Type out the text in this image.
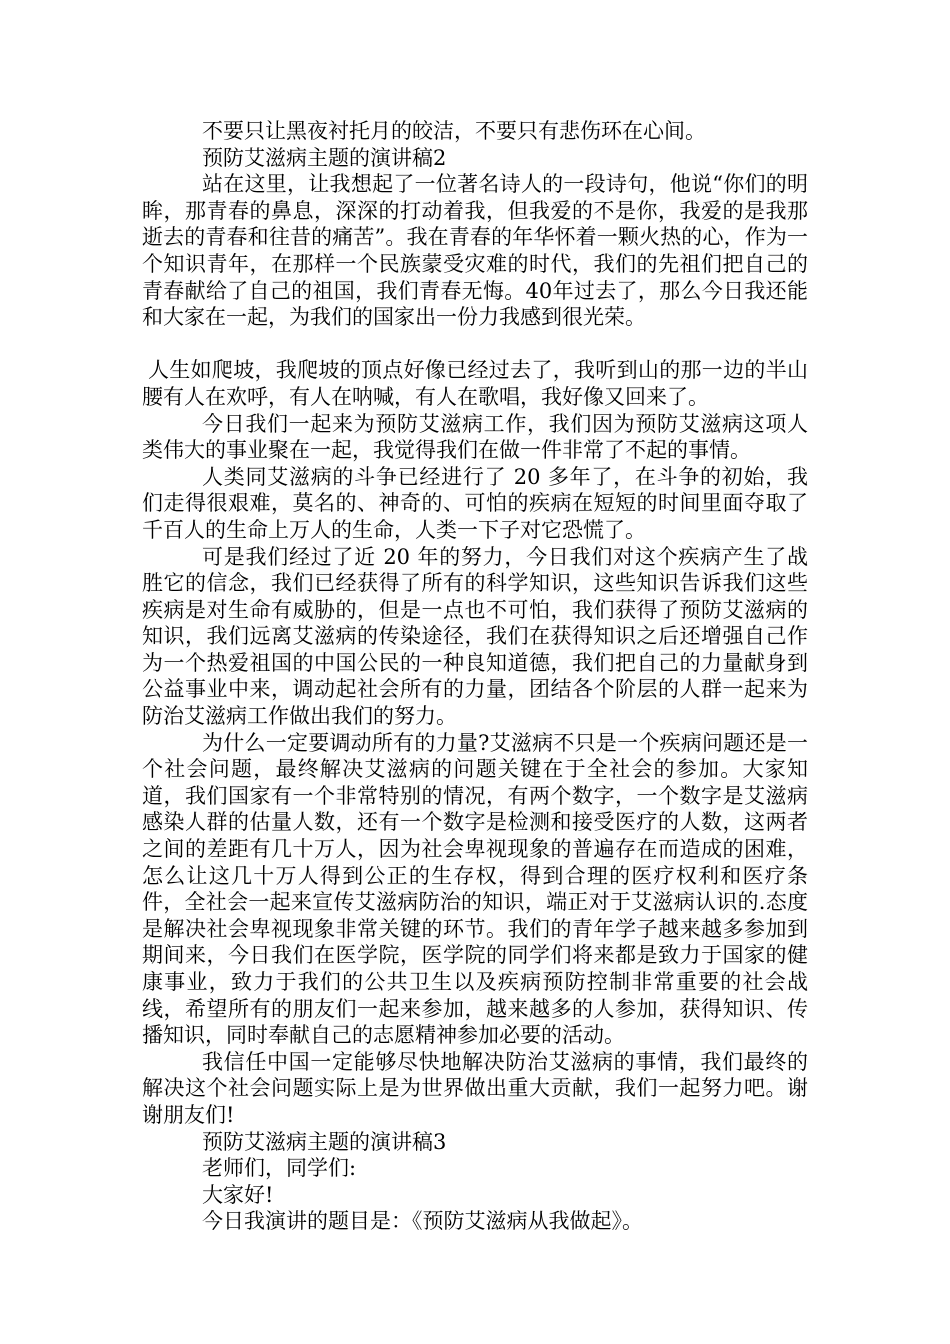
不要只让黑夜衬托月的皎洁，不要只有悲伤环在心间。

预防艾滋病主题的演讲稿2

站在这里，让我想起了一位著名诗人的一段诗句，他说“你们的明眸，那青春的鼻息，深深的打动着我，但我爱的不是你，我爱的是我那逝去的青春和往昔的痛苦”。我在青春的年华怀着一颗火热的心，作为一个知识青年，在那样一个民族蒙受灾难的时代，我们的先祖们把自己的青春献给了自己的祖国，我们青春无悔。40年过去了，那么今日我还能和大家在一起，为我们的国家出一份力我感到很光荣。

人生如爬坡，我爬坡的顶点好像已经过去了，我听到山的那一边的半山腰有人在欢呼，有人在呐喊，有人在歌唱，我好像又回来了。

今日我们一起来为预防艾滋病工作，我们因为预防艾滋病这项人类伟大的事业聚在一起，我觉得我们在做一件非常了不起的事情。

人类同艾滋病的斗争已经进行了 20 多年了，在斗争的初始，我们走得很艰难，莫名的、神奇的、可怕的疾病在短短的时间里面夺取了千百人的生命上万人的生命，人类一下子对它恐慌了。

可是我们经过了近 20 年的努力，今日我们对这个疾病产生了战胜它的信念，我们已经获得了所有的科学知识，这些知识告诉我们这些疾病是对生命有威胁的，但是一点也不可怕，我们获得了预防艾滋病的知识，我们远离艾滋病的传染途径，我们在获得知识之后还增强自己作为一个热爱祖国的中国公民的一种良知道德，我们把自己的力量献身到公益事业中来，调动起社会所有的力量，团结各个阶层的人群一起来为防治艾滋病工作做出我们的努力。

为什么一定要调动所有的力量?艾滋病不只是一个疾病问题还是一个社会问题，最终解决艾滋病的问题关键在于全社会的参加。大家知道，我们国家有一个非常特别的情况，有两个数字，一个数字是艾滋病感染人群的估量人数，还有一个数字是检测和接受医疗的人数，这两者之间的差距有几十万人，因为社会卑视现象的普遍存在而造成的困难，怎么让这几十万人得到公正的生存权，得到合理的医疗权利和医疗条件，全社会一起来宣传艾滋病防治的知识，端正对于艾滋病认识的.态度是解决社会卑视现象非常关键的环节。我们的青年学子越来越多参加到期间来，今日我们在医学院，医学院的同学们将来都是致力于国家的健康事业，致力于我们的公共卫生以及疾病预防控制非常重要的社会战线，希望所有的朋友们一起来参加，越来越多的人参加，获得知识、传播知识，同时奉献自己的志愿精神参加必要的活动。

我信任中国一定能够尽快地解决防治艾滋病的事情，我们最终的解决这个社会问题实际上是为世界做出重大贡献，我们一起努力吧。谢谢朋友们!

预防艾滋病主题的演讲稿3

老师们，同学们:

大家好!

今日我演讲的题目是：《预防艾滋病从我做起》。
